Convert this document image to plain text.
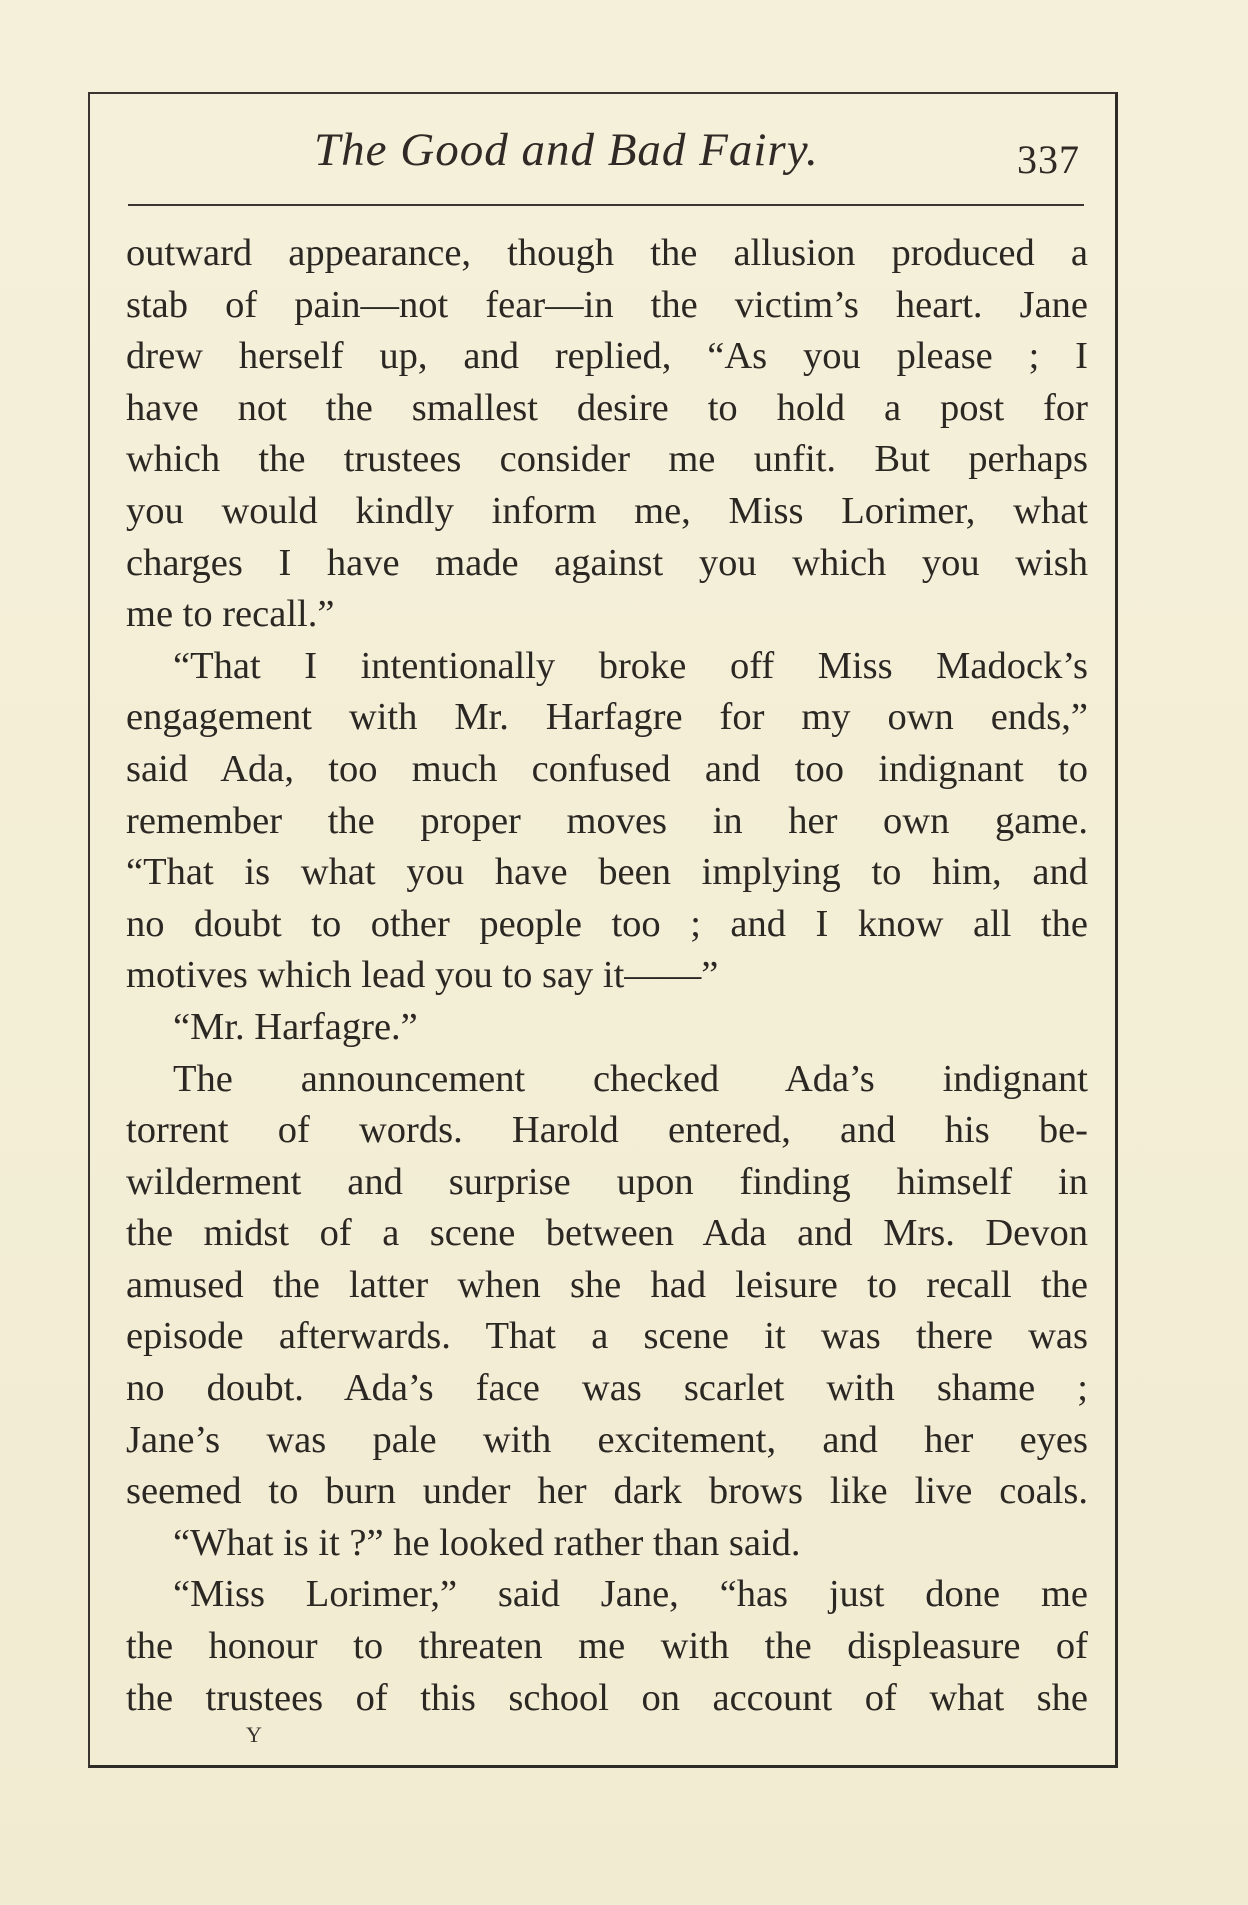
The Good and Bad Fairy.	337
outward appearance, though the allusion produced a
stab of pain—not fear—in the victim’s heart. Jane
drew herself up, and replied, “As you please ; I
have not the smallest desire to hold a post for
which the trustees consider me unfit. But perhaps
you would kindly inform me, Miss Lorimer, what
charges I have made against you which you wish
me to recall.”
“That I intentionally broke off Miss Madock’s
engagement with Mr. Harfagre for my own ends,”
said Ada, too much confused and too indignant to
remember the proper moves in her own game.
“That is what you have been implying to him, and
no doubt to other people too ; and I know all the
motives which lead you to say it——”
“Mr. Harfagre.”
The announcement checked Ada’s indignant
torrent of words. Harold entered, and his be-
wilderment and surprise upon finding himself in
the midst of a scene between Ada and Mrs. Devon
amused the latter when she had leisure to recall the
episode afterwards. That a scene it was there was
no doubt. Ada’s face was scarlet with shame ;
Jane’s was pale with excitement, and her eyes
seemed to burn under her dark brows like live coals.
“What is it ?” he looked rather than said.
“Miss Lorimer,” said Jane, “has just done me
the honour to threaten me with the displeasure of
the trustees of this school on account of what she
Y
